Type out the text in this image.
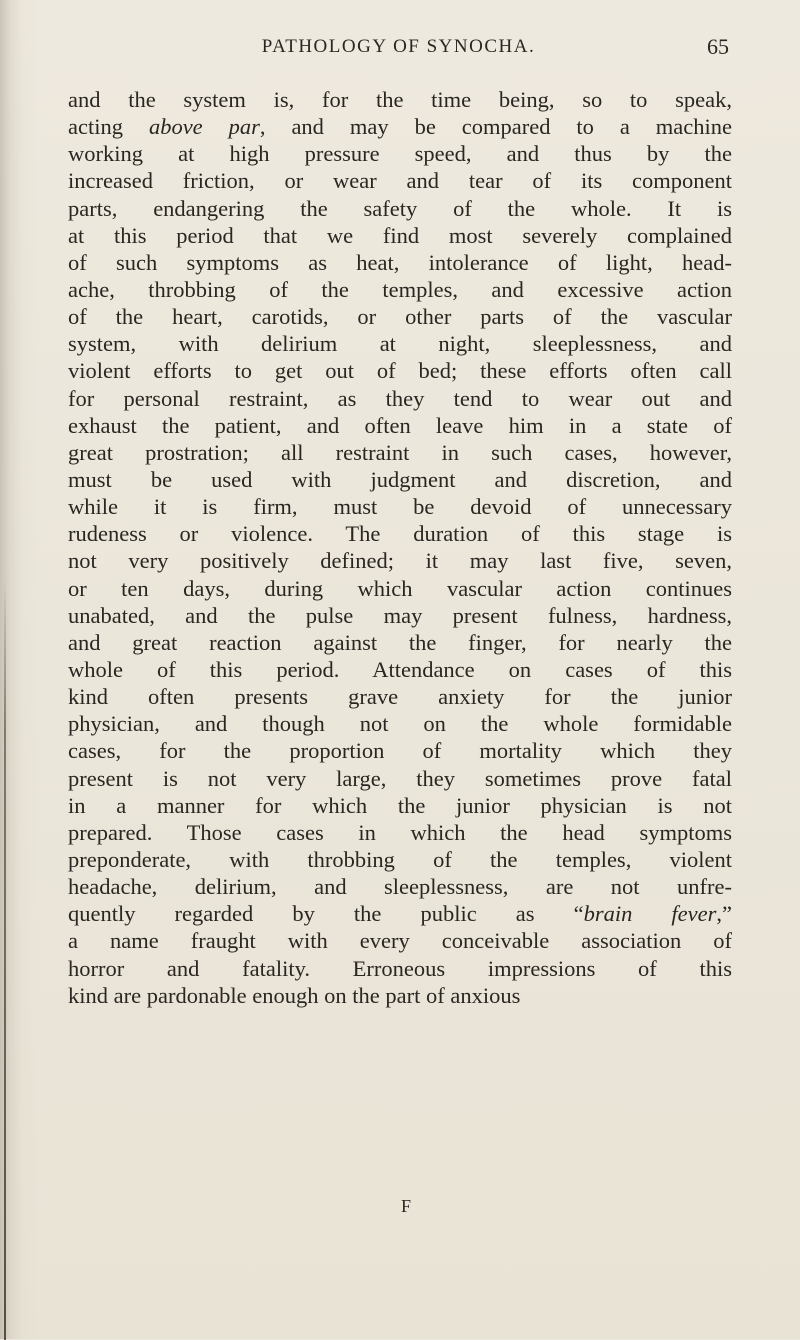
PATHOLOGY OF SYNOCHA.	65
and the system is, for the time being, so to speak,
acting above par, and may be compared to a machine
working at high pressure speed, and thus by the
increased friction, or wear and tear of its component
parts, endangering the safety of the whole. It is
at this period that we find most severely complained
of such symptoms as heat, intolerance of light, head-
ache, throbbing of the temples, and excessive action
of the heart, carotids, or other parts of the vascular
system, with delirium at night, sleeplessness, and
violent efforts to get out of bed; these efforts often call
for personal restraint, as they tend to wear out and
exhaust the patient, and often leave him in a state of
great prostration; all restraint in such cases, however,
must be used with judgment and discretion, and
while it is firm, must be devoid of unnecessary
rudeness or violence. The duration of this stage is
not very positively defined; it may last five, seven,
or ten days, during which vascular action continues
unabated, and the pulse may present fulness, hardness,
and great reaction against the finger, for nearly the
whole of this period. Attendance on cases of this
kind often presents grave anxiety for the junior
physician, and though not on the whole formidable
cases, for the proportion of mortality which they
present is not very large, they sometimes prove fatal
in a manner for which the junior physician is not
prepared. Those cases in which the head symptoms
preponderate, with throbbing of the temples, violent
headache, delirium, and sleeplessness, are not unfre-
quently regarded by the public as “brain fever,”
a name fraught with every conceivable association of
horror and fatality. Erroneous impressions of this
kind are pardonable enough on the part of anxious
F
